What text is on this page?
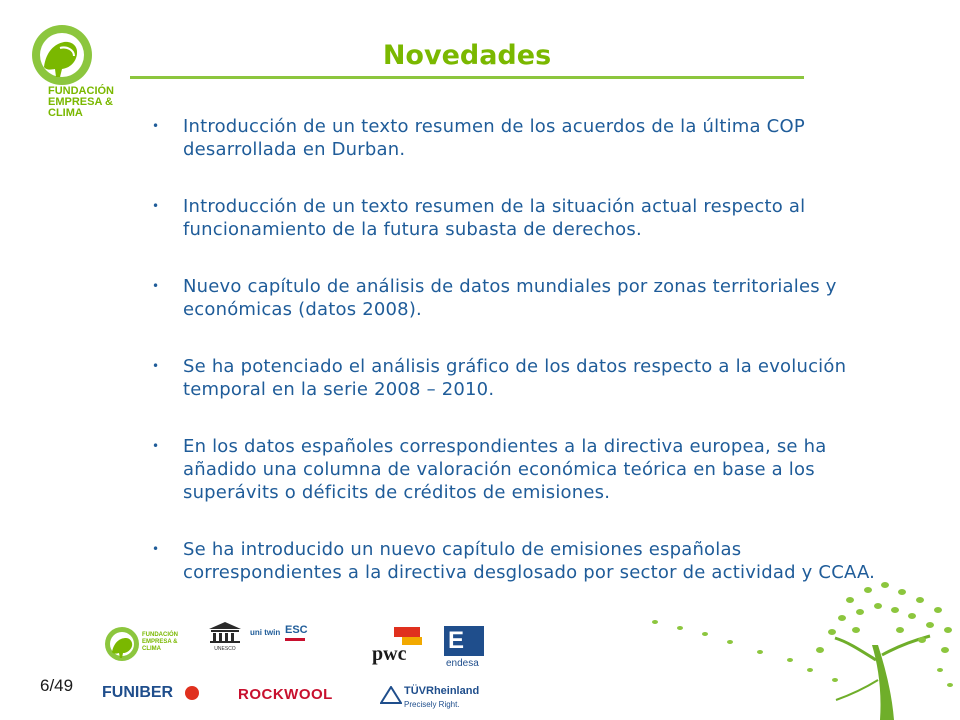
FUNDACIÓN
EMPRESA &
CLIMA
Novedades
• Introducción de un texto resumen de los acuerdos de la última COP desarrollada en Durban.
• Introducción de un texto resumen de la situación actual respecto al funcionamiento de la futura subasta de derechos.
• Nuevo capítulo de análisis de datos mundiales por zonas territoriales y económicas (datos 2008).
• Se ha potenciado el análisis gráfico de los datos respecto a la evolución temporal en la serie 2008 – 2010.
• En los datos españoles correspondientes a la directiva europea, se ha añadido una columna de valoración económica teórica en base a los superávits o déficits de créditos de emisiones.
• Se ha introducido un nuevo capítulo de emisiones españolas correspondientes a la directiva desglosado por sector de actividad y CCAA.
6/49
FUNDACIÓN
EMPRESA &
CLIMA	UNESCO
uni twin ESC
pwc E
endesa
FUNIBER	ROCKWOOL	TÜVRheinland
Precisely Right.
